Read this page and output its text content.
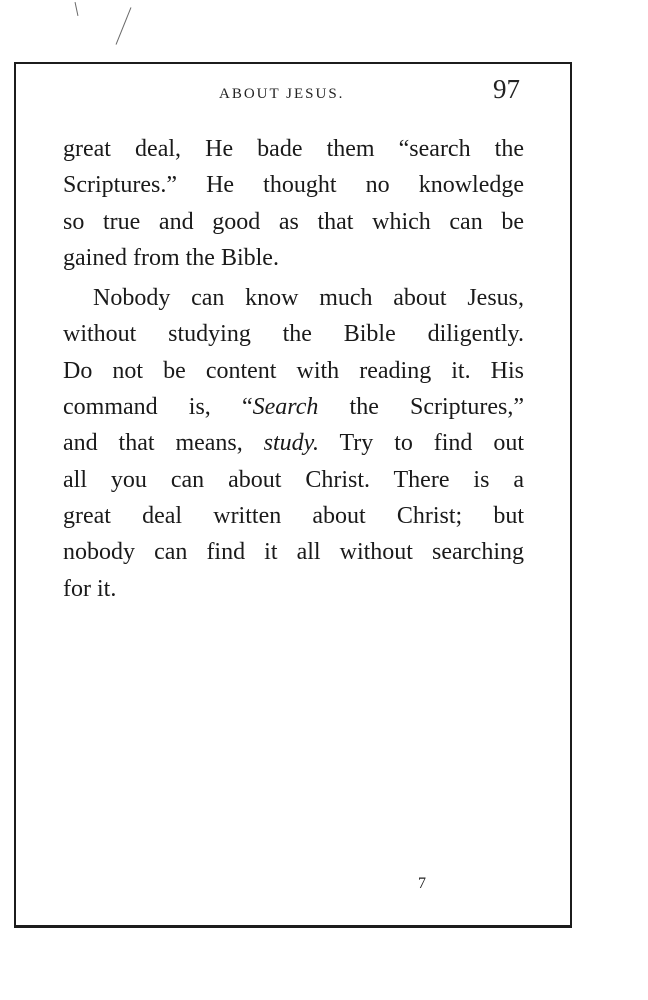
ABOUT JESUS.	97
great deal, He bade them “search the
Scriptures.” He thought no knowledge
so true and good as that which can be
gained from the Bible.
Nobody can know much about Jesus,
without studying the Bible diligently.
Do not be content with reading it. His
command is, “Search the Scriptures,”
and that means, study. Try to find out
all you can about Christ. There is a
great deal written about Christ; but
nobody can find it all without searching
for it.
7
